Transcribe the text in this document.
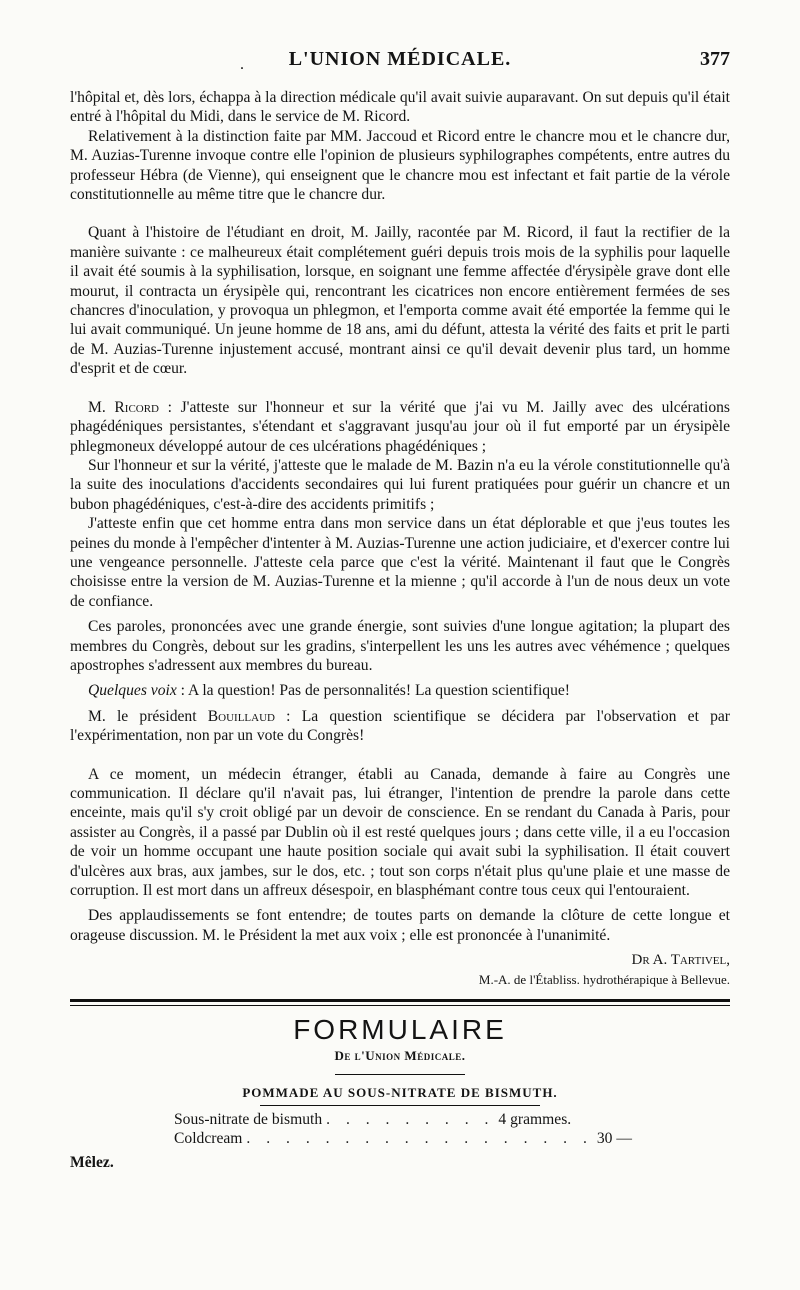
.	L'UNION MÉDICALE.	377

l'hôpital et, dès lors, échappa à la direction médicale qu'il avait suivie auparavant. On sut depuis qu'il était entré à l'hôpital du Midi, dans le service de M. Ricord.

Relativement à la distinction faite par MM. Jaccoud et Ricord entre le chancre mou et le chancre dur, M. Auzias-Turenne invoque contre elle l'opinion de plusieurs syphilographes compétents, entre autres du professeur Hébra (de Vienne), qui enseignent que le chancre mou est infectant et fait partie de la vérole constitutionnelle au même titre que le chancre dur.

Quant à l'histoire de l'étudiant en droit, M. Jailly, racontée par M. Ricord, il faut la rectifier de la manière suivante : ce malheureux était complétement guéri depuis trois mois de la syphilis pour laquelle il avait été soumis à la syphilisation, lorsque, en soignant une femme affectée d'érysipèle grave dont elle mourut, il contracta un érysipèle qui, rencontrant les cicatrices non encore entièrement fermées de ses chancres d'inoculation, y provoqua un phlegmon, et l'emporta comme avait été emportée la femme qui le lui avait communiqué. Un jeune homme de 18 ans, ami du défunt, attesta la vérité des faits et prit le parti de M. Auzias-Turenne injustement accusé, montrant ainsi ce qu'il devait devenir plus tard, un homme d'esprit et de cœur.

M. Ricord : J'atteste sur l'honneur et sur la vérité que j'ai vu M. Jailly avec des ulcérations phagédéniques persistantes, s'étendant et s'aggravant jusqu'au jour où il fut emporté par un érysipèle phlegmoneux développé autour de ces ulcérations phagédéniques ;

Sur l'honneur et sur la vérité, j'atteste que le malade de M. Bazin n'a eu la vérole constitutionnelle qu'à la suite des inoculations d'accidents secondaires qui lui furent pratiquées pour guérir un chancre et un bubon phagédéniques, c'est-à-dire des accidents primitifs ;

J'atteste enfin que cet homme entra dans mon service dans un état déplorable et que j'eus toutes les peines du monde à l'empêcher d'intenter à M. Auzias-Turenne une action judiciaire, et d'exercer contre lui une vengeance personnelle. J'atteste cela parce que c'est la vérité. Maintenant il faut que le Congrès choisisse entre la version de M. Auzias-Turenne et la mienne ; qu'il accorde à l'un de nous deux un vote de confiance.

Ces paroles, prononcées avec une grande énergie, sont suivies d'une longue agitation; la plupart des membres du Congrès, debout sur les gradins, s'interpellent les uns les autres avec véhémence ; quelques apostrophes s'adressent aux membres du bureau.

Quelques voix : A la question! Pas de personnalités! La question scientifique!

M. le président Bouillaud : La question scientifique se décidera par l'observation et par l'expérimentation, non par un vote du Congrès!

A ce moment, un médecin étranger, établi au Canada, demande à faire au Congrès une communication. Il déclare qu'il n'avait pas, lui étranger, l'intention de prendre la parole dans cette enceinte, mais qu'il s'y croit obligé par un devoir de conscience. En se rendant du Canada à Paris, pour assister au Congrès, il a passé par Dublin où il est resté quelques jours ; dans cette ville, il a eu l'occasion de voir un homme occupant une haute position sociale qui avait subi la syphilisation. Il était couvert d'ulcères aux bras, aux jambes, sur le dos, etc. ; tout son corps n'était plus qu'une plaie et une masse de corruption. Il est mort dans un affreux désespoir, en blasphémant contre tous ceux qui l'entouraient.

Des applaudissements se font entendre; de toutes parts on demande la clôture de cette longue et orageuse discussion. M. le Président la met aux voix ; elle est prononcée à l'unanimité.

Dr A. Tartivel,
M.-A. de l'Établiss. hydrothérapique à Bellevue.
FORMULAIRE
De l'Union Médicale.
POMMADE AU SOUS-NITRATE DE BISMUTH.
Sous-nitrate de bismuth . . . . . . . . . 4 grammes.
Coldcream . . . . . . . . . . . . . . . . . . 30 —
Mêlez.
